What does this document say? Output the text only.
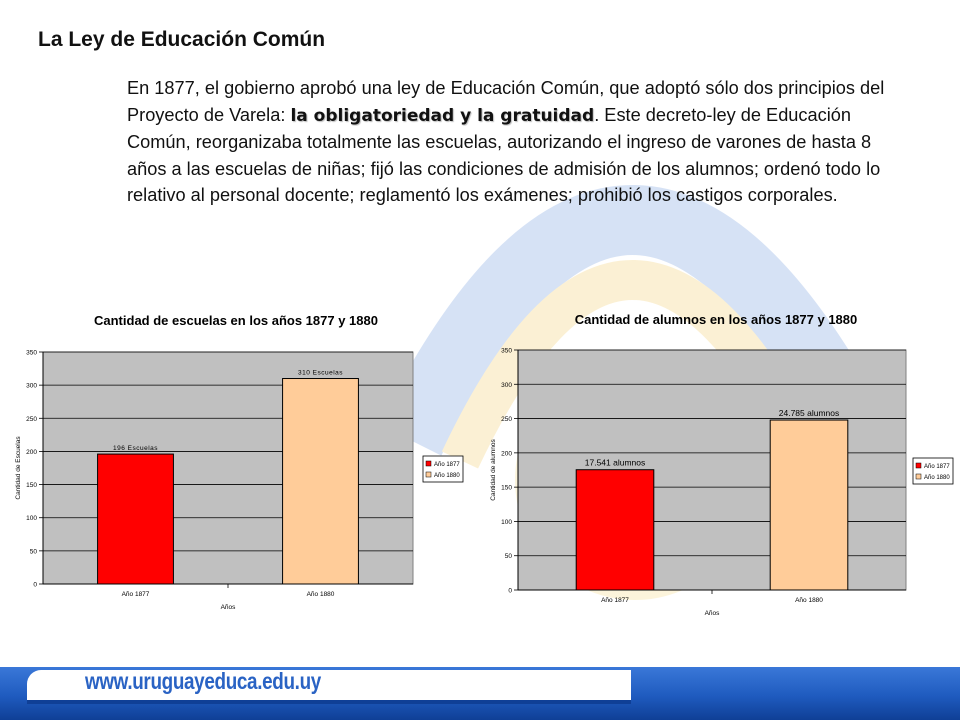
La Ley de Educación Común
En 1877, el gobierno aprobó una ley de Educación Común, que adoptó sólo dos principios del Proyecto de Varela: la obligatoriedad y la gratuidad. Este decreto-ley de Educación Común, reorganizaba totalmente las escuelas, autorizando el ingreso de varones de hasta 8 años a las escuelas de niñas; fijó las condiciones de admisión de los alumnos; ordenó todo lo relativo al personal docente; reglamentó los exámenes; prohibió los castigos corporales.
Cantidad de escuelas en los años 1877 y 1880
0
50
100
150
200
250
300
350
196 Escuelas
Año 1877
310 Escuelas
Año 1880
Años
Cantidad de Escuelas	Año 1877
Año 1880
Cantidad de alumnos en los años 1877 y 1880
0
50
100
150
200
250
300
350
17.541 alumnos
Año 1877
24.785 alumnos
Año 1880
Años
Cantidad de alumnos	Año 1877
Año 1880
www.uruguayeduca.edu.uy
